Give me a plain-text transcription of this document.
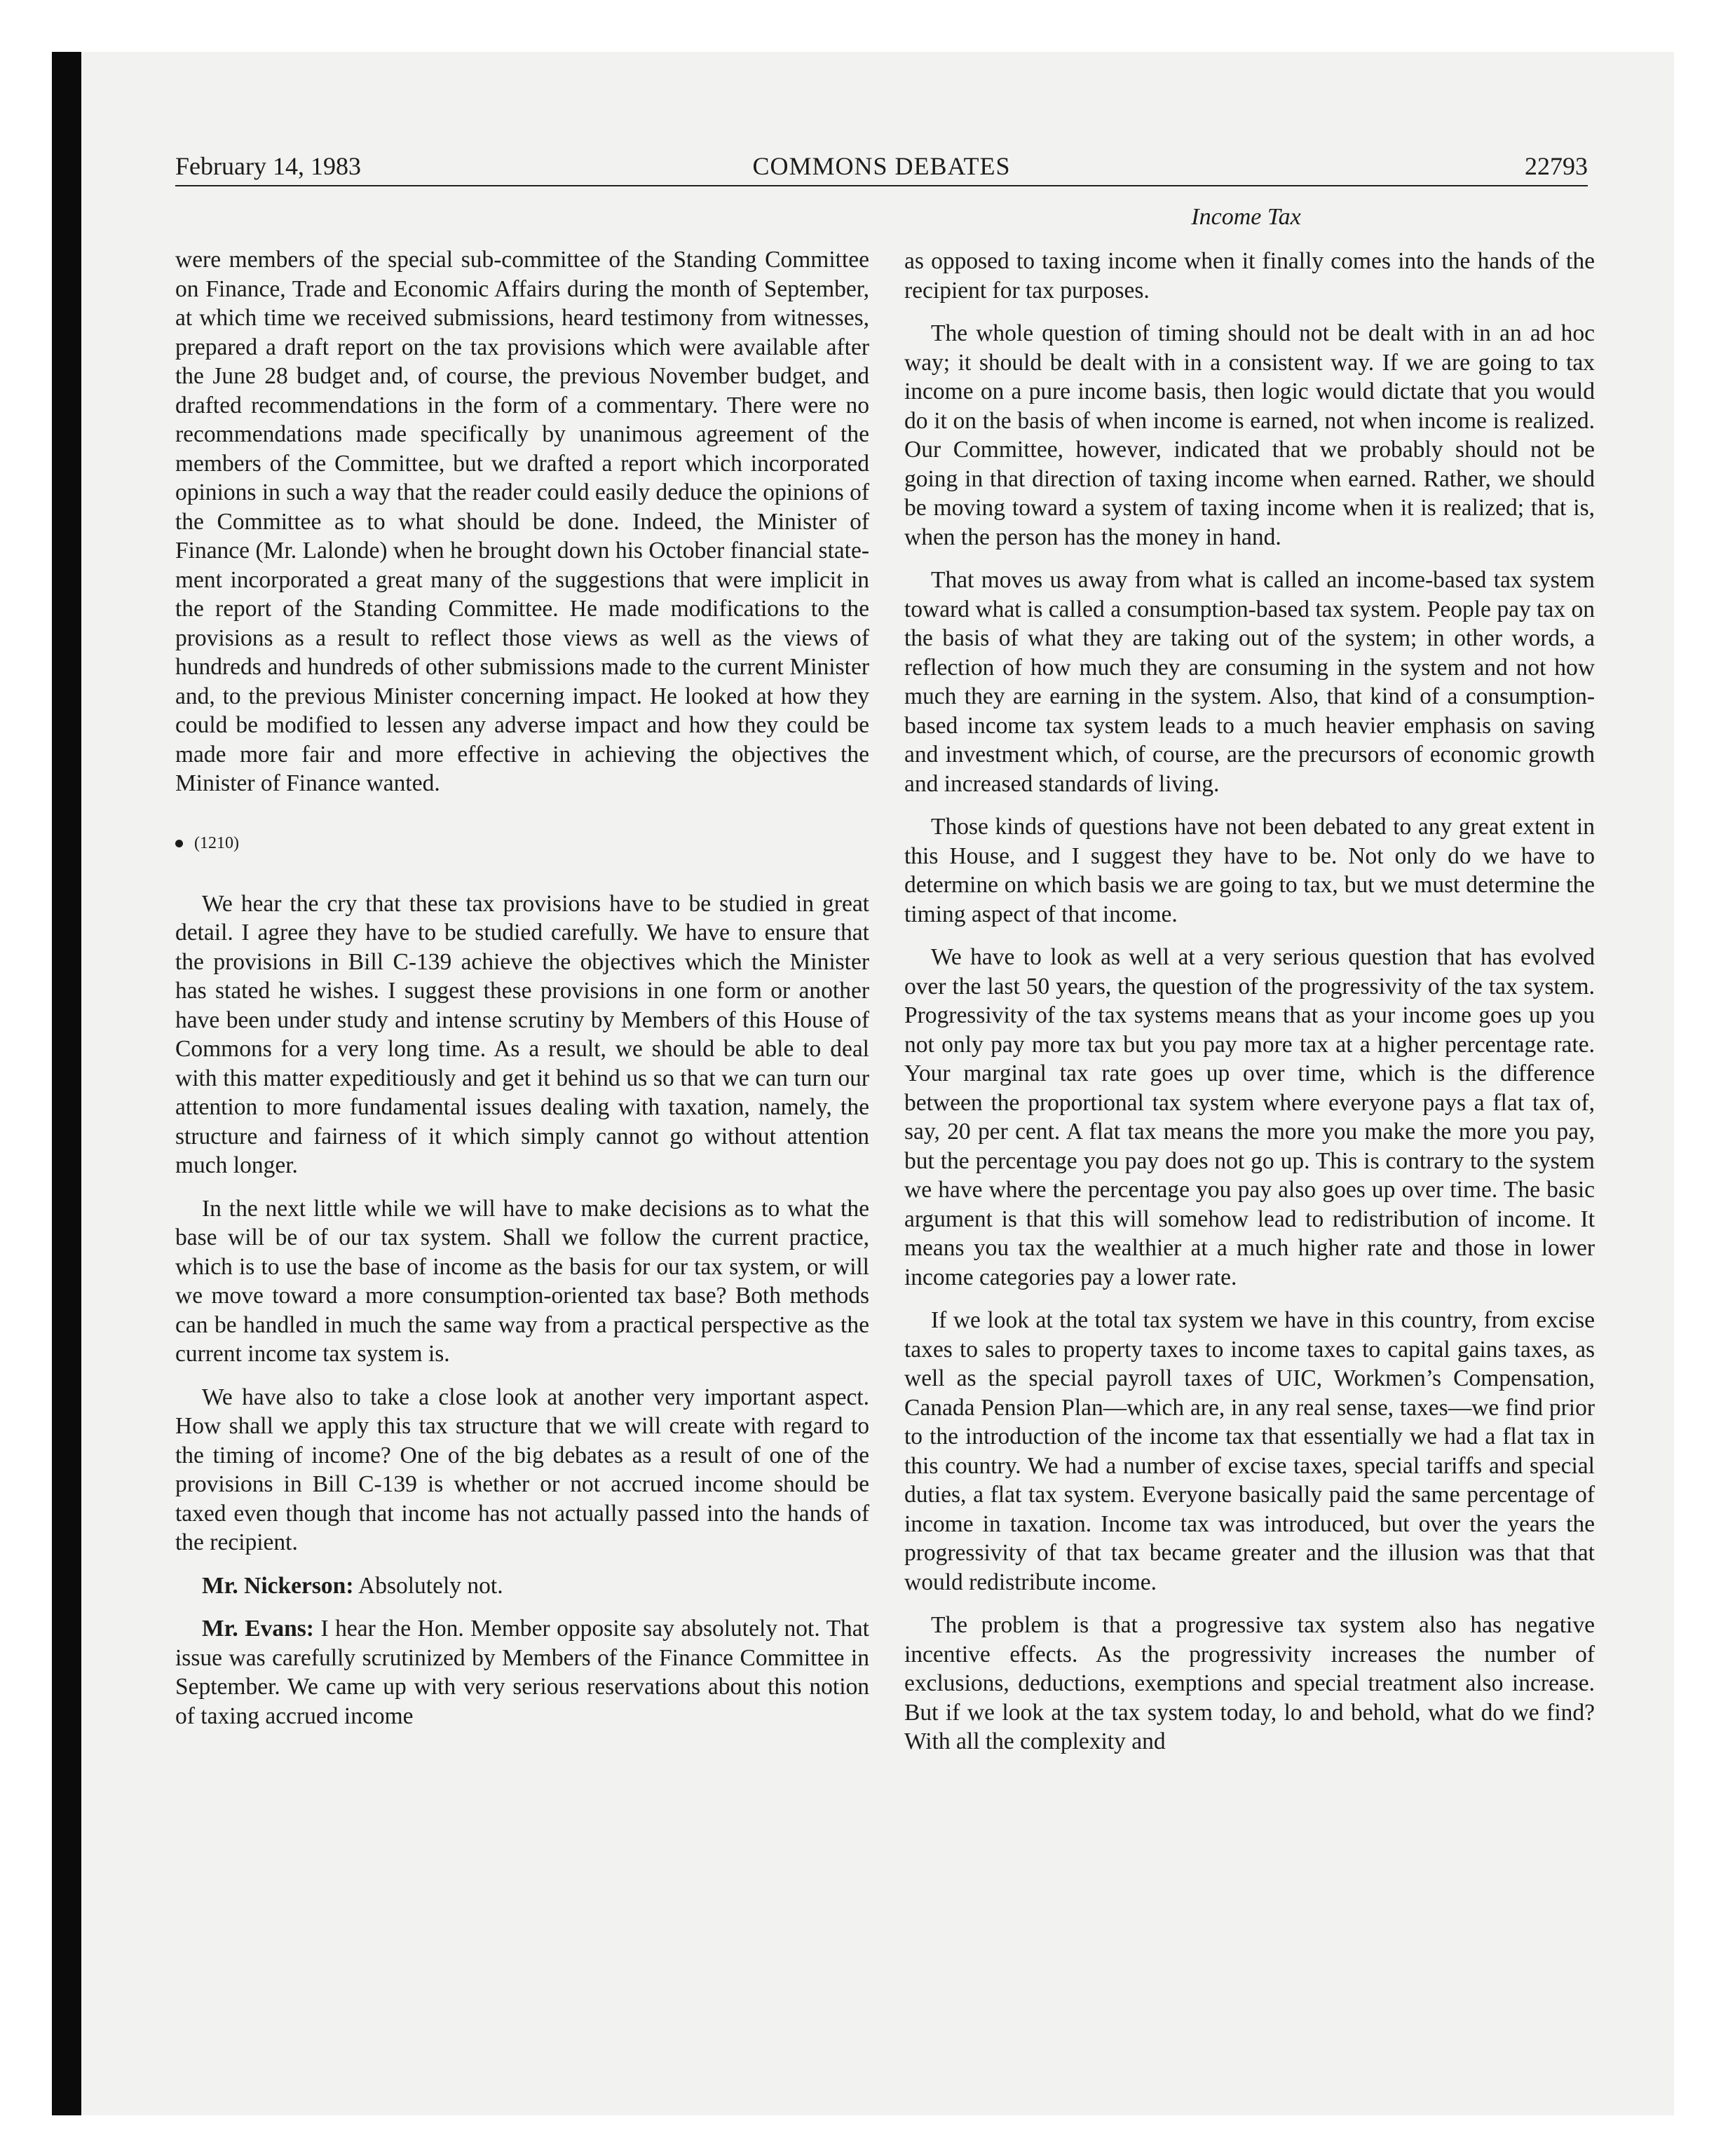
February 14, 1983	COMMONS DEBATES	22793
Income Tax

were members of the special sub-committee of the Standing Committee on Finance, Trade and Economic Affairs during the month of September, at which time we received submissions, heard testimony from witnesses, prepared a draft report on the tax provisions which were available after the June 28 budget and, of course, the previous November budget, and drafted recommendations in the form of a commentary. There were no recommendations made specifically by unanimous agreement of the members of the Committee, but we drafted a report which incorporated opinions in such a way that the reader could easily deduce the opinions of the Committee as to what should be done. Indeed, the Minister of Finance (Mr. Lalonde) when he brought down his October financial statement incorporated a great many of the suggestions that were implicit in the report of the Standing Committee. He made modifications to the provisions as a result to reflect those views as well as the views of hundreds and hundreds of other submissions made to the current Minister and, to the previous Minister concerning impact. He looked at how they could be modified to lessen any adverse impact and how they could be made more fair and more effective in achieving the objectives the Minister of Finance wanted.

(1210)

We hear the cry that these tax provisions have to be studied in great detail. I agree they have to be studied carefully. We have to ensure that the provisions in Bill C-139 achieve the objectives which the Minister has stated he wishes. I suggest these provisions in one form or another have been under study and intense scrutiny by Members of this House of Commons for a very long time. As a result, we should be able to deal with this matter expeditiously and get it behind us so that we can turn our attention to more fundamental issues dealing with taxation, namely, the structure and fairness of it which simply cannot go without attention much longer.

In the next little while we will have to make decisions as to what the base will be of our tax system. Shall we follow the current practice, which is to use the base of income as the basis for our tax system, or will we move toward a more consumption-oriented tax base? Both methods can be handled in much the same way from a practical perspective as the current income tax system is.

We have also to take a close look at another very important aspect. How shall we apply this tax structure that we will create with regard to the timing of income? One of the big debates as a result of one of the provisions in Bill C-139 is whether or not accrued income should be taxed even though that income has not actually passed into the hands of the recipient.

Mr. Nickerson: Absolutely not.

Mr. Evans: I hear the Hon. Member opposite say absolutely not. That issue was carefully scrutinized by Members of the Finance Committee in September. We came up with very serious reservations about this notion of taxing accrued income

as opposed to taxing income when it finally comes into the hands of the recipient for tax purposes.

The whole question of timing should not be dealt with in an ad hoc way; it should be dealt with in a consistent way. If we are going to tax income on a pure income basis, then logic would dictate that you would do it on the basis of when income is earned, not when income is realized. Our Committee, however, indicated that we probably should not be going in that direction of taxing income when earned. Rather, we should be moving toward a system of taxing income when it is realized; that is, when the person has the money in hand.

That moves us away from what is called an income-based tax system toward what is called a consumption-based tax system. People pay tax on the basis of what they are taking out of the system; in other words, a reflection of how much they are consuming in the system and not how much they are earning in the system. Also, that kind of a consumption-based income tax system leads to a much heavier emphasis on saving and investment which, of course, are the precursors of economic growth and increased standards of living.

Those kinds of questions have not been debated to any great extent in this House, and I suggest they have to be. Not only do we have to determine on which basis we are going to tax, but we must determine the timing aspect of that income.

We have to look as well at a very serious question that has evolved over the last 50 years, the question of the progressivity of the tax system. Progressivity of the tax systems means that as your income goes up you not only pay more tax but you pay more tax at a higher percentage rate. Your marginal tax rate goes up over time, which is the difference between the proportional tax system where everyone pays a flat tax of, say, 20 per cent. A flat tax means the more you make the more you pay, but the percentage you pay does not go up. This is contrary to the system we have where the percentage you pay also goes up over time. The basic argument is that this will somehow lead to redistribution of income. It means you tax the wealthier at a much higher rate and those in lower income categories pay a lower rate.

If we look at the total tax system we have in this country, from excise taxes to sales to property taxes to income taxes to capital gains taxes, as well as the special payroll taxes of UIC, Workmen’s Compensation, Canada Pension Plan—which are, in any real sense, taxes—we find prior to the introduction of the income tax that essentially we had a flat tax in this country. We had a number of excise taxes, special tariffs and special duties, a flat tax system. Everyone basically paid the same percentage of income in taxation. Income tax was introduced, but over the years the progressivity of that tax became greater and the illusion was that that would redistribute income.

The problem is that a progressive tax system also has negative incentive effects. As the progressivity increases the number of exclusions, deductions, exemptions and special treatment also increase. But if we look at the tax system today, lo and behold, what do we find? With all the complexity and
